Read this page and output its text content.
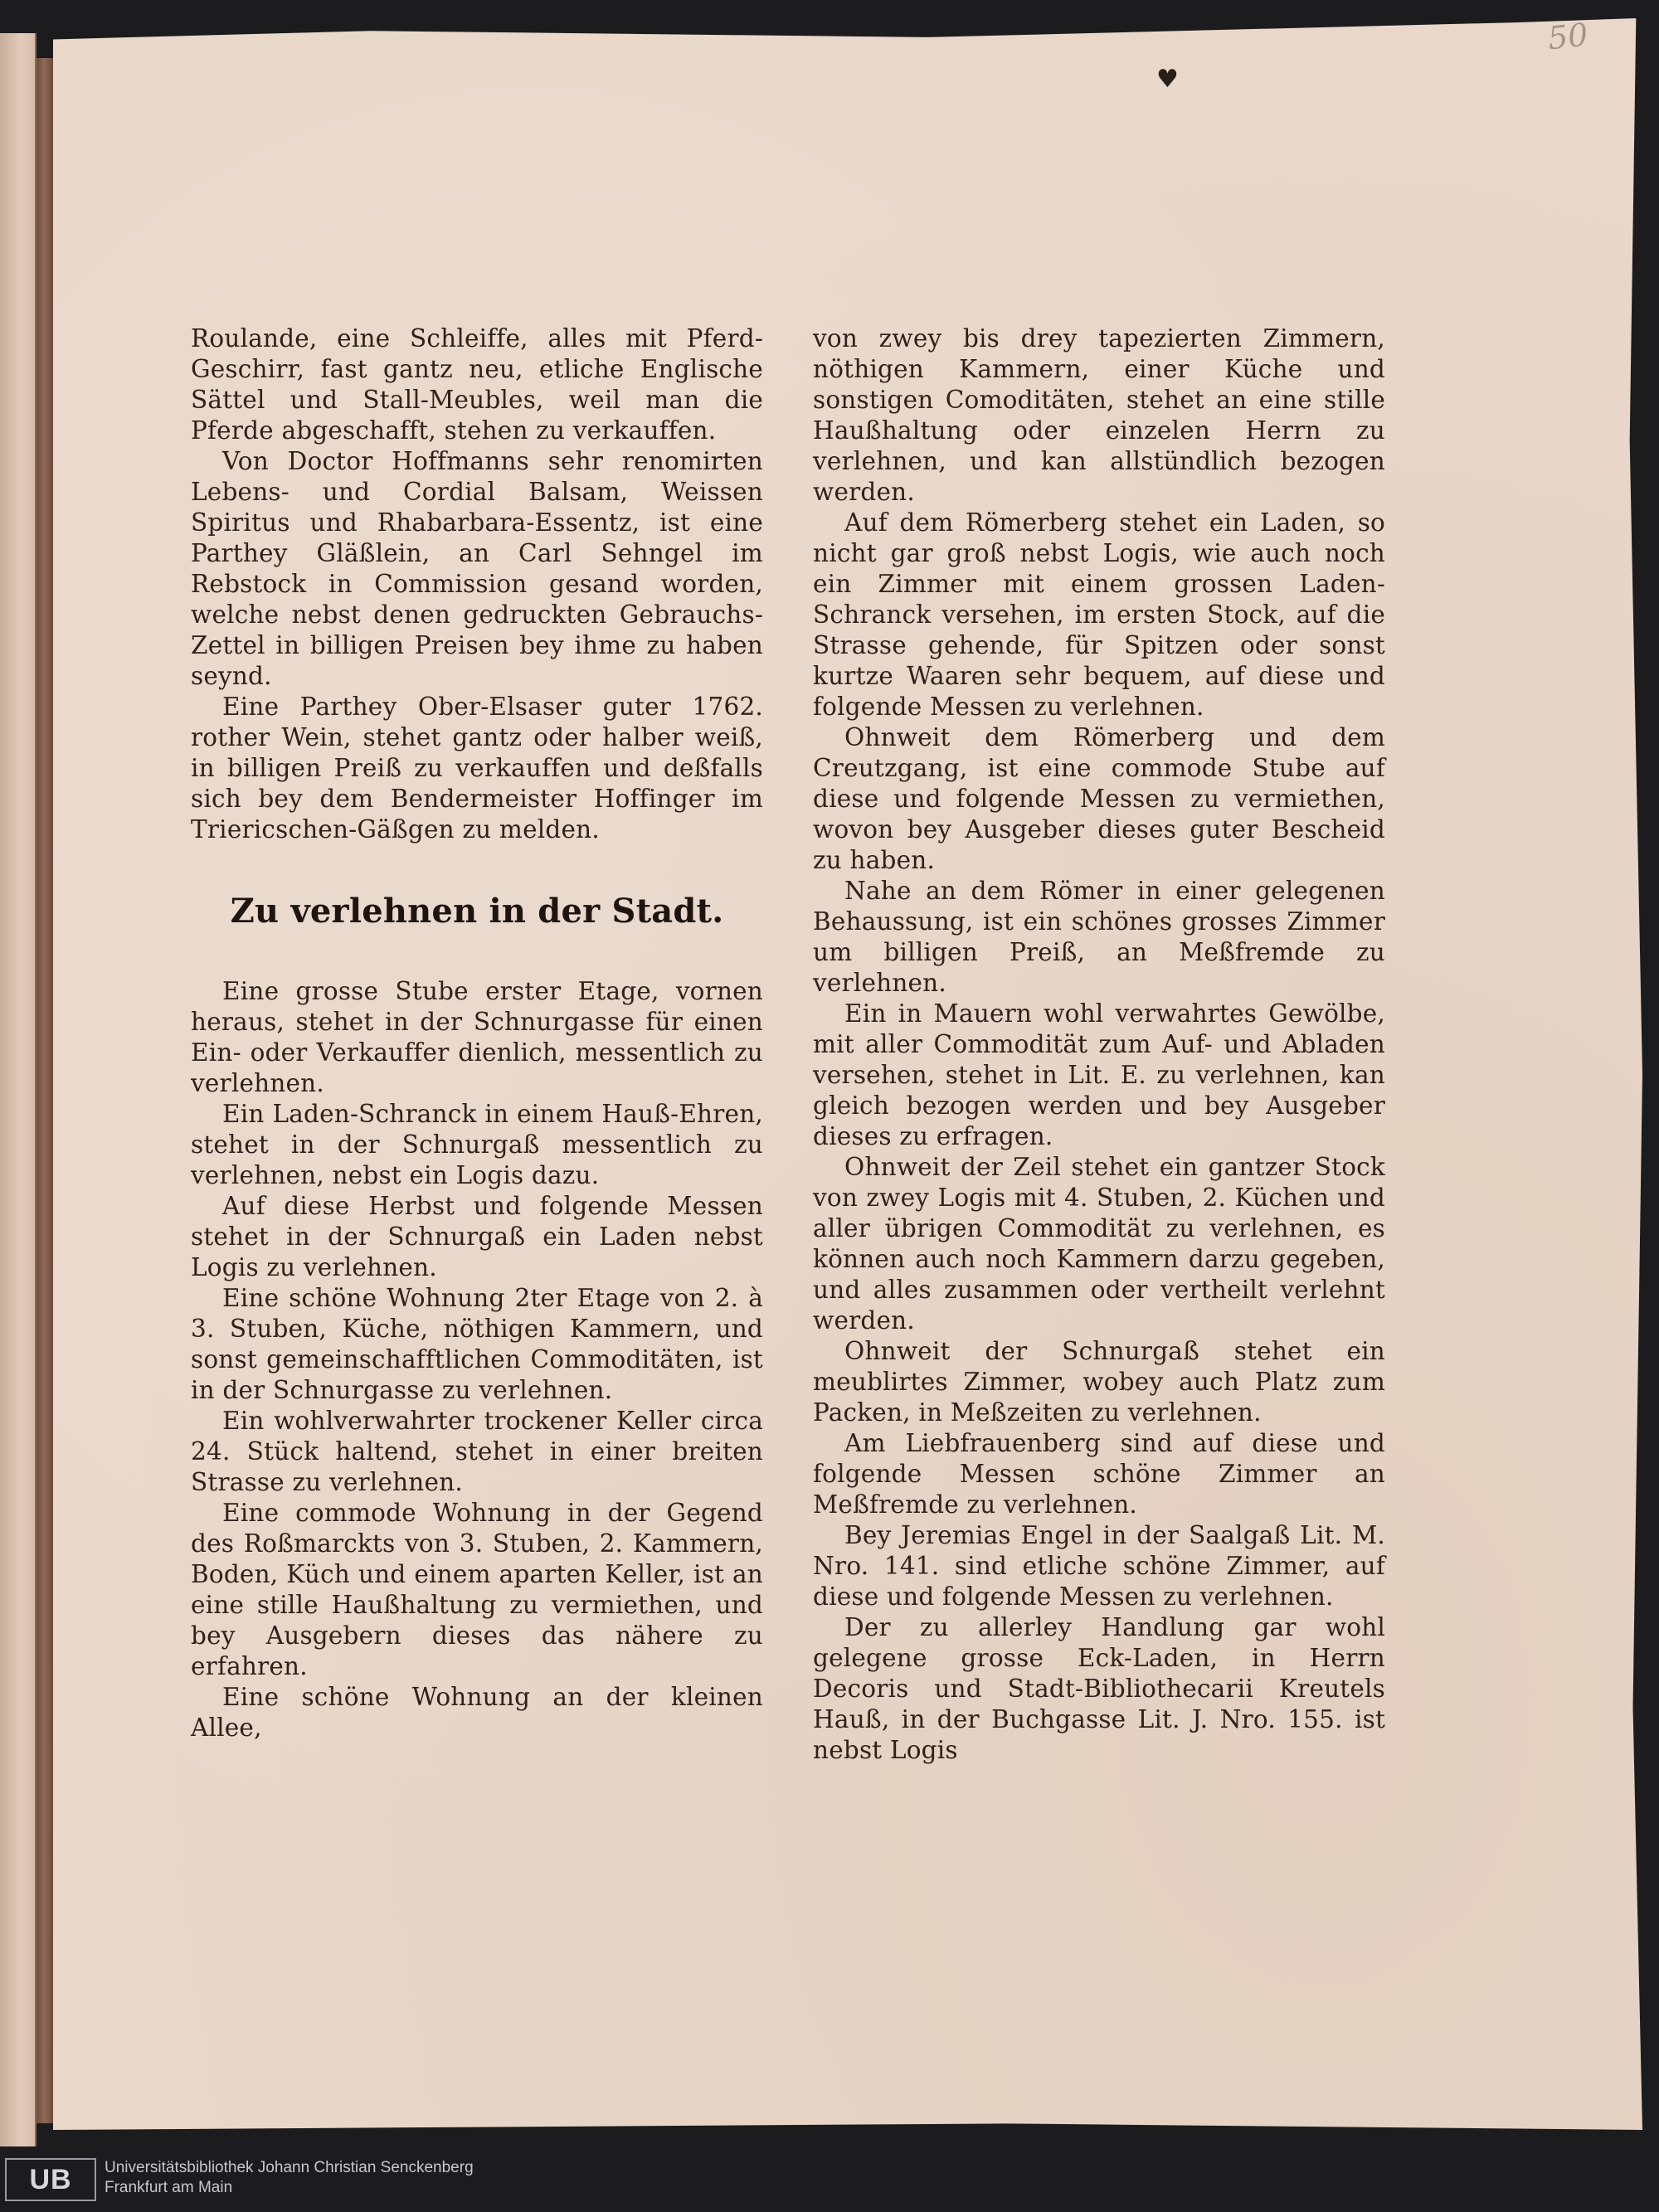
50
♥

Roulande, eine Schleiffe, alles mit Pferd-Geschirr, fast gantz neu, etliche Englische Sättel und Stall-Meubles, weil man die Pferde abgeschafft, stehen zu verkauffen.

Von Doctor Hoffmanns sehr renomirten Lebens- und Cordial Balsam, Weissen Spiritus und Rhabarbara-Essentz, ist eine Parthey Gläßlein, an Carl Sehngel im Rebstock in Commission gesand worden, welche nebst denen gedruckten Gebrauchs-Zettel in billigen Preisen bey ihme zu haben seynd.

Eine Parthey Ober-Elsaser guter 1762. rother Wein, stehet gantz oder halber weiß, in billigen Preiß zu verkauffen und deßfalls sich bey dem Bendermeister Hoffinger im Triericschen-Gäßgen zu melden.

Zu verlehnen in der Stadt.

Eine grosse Stube erster Etage, vornen heraus, stehet in der Schnurgasse für einen Ein- oder Verkauffer dienlich, messentlich zu verlehnen.

Ein Laden-Schranck in einem Hauß-Ehren, stehet in der Schnurgaß messentlich zu verlehnen, nebst ein Logis dazu.

Auf diese Herbst und folgende Messen stehet in der Schnurgaß ein Laden nebst Logis zu verlehnen.

Eine schöne Wohnung 2ter Etage von 2. à 3. Stuben, Küche, nöthigen Kammern, und sonst gemeinschafftlichen Commoditäten, ist in der Schnurgasse zu verlehnen.

Ein wohlverwahrter trockener Keller circa 24. Stück haltend, stehet in einer breiten Strasse zu verlehnen.

Eine commode Wohnung in der Gegend des Roßmarckts von 3. Stuben, 2. Kammern, Boden, Küch und einem aparten Keller, ist an eine stille Haußhaltung zu vermiethen, und bey Ausgebern dieses das nähere zu erfahren.

Eine schöne Wohnung an der kleinen Allee,

von zwey bis drey tapezierten Zimmern, nöthigen Kammern, einer Küche und sonstigen Comoditäten, stehet an eine stille Haußhaltung oder einzelen Herrn zu verlehnen, und kan allstündlich bezogen werden.

Auf dem Römerberg stehet ein Laden, so nicht gar groß nebst Logis, wie auch noch ein Zimmer mit einem grossen Laden-Schranck versehen, im ersten Stock, auf die Strasse gehende, für Spitzen oder sonst kurtze Waaren sehr bequem, auf diese und folgende Messen zu verlehnen.

Ohnweit dem Römerberg und dem Creutzgang, ist eine commode Stube auf diese und folgende Messen zu vermiethen, wovon bey Ausgeber dieses guter Bescheid zu haben.

Nahe an dem Römer in einer gelegenen Behaussung, ist ein schönes grosses Zimmer um billigen Preiß, an Meßfremde zu verlehnen.

Ein in Mauern wohl verwahrtes Gewölbe, mit aller Commodität zum Auf- und Abladen versehen, stehet in Lit. E. zu verlehnen, kan gleich bezogen werden und bey Ausgeber dieses zu erfragen.

Ohnweit der Zeil stehet ein gantzer Stock von zwey Logis mit 4. Stuben, 2. Küchen und aller übrigen Commodität zu verlehnen, es können auch noch Kammern darzu gegeben, und alles zusammen oder vertheilt verlehnt werden.

Ohnweit der Schnurgaß stehet ein meublirtes Zimmer, wobey auch Platz zum Packen, in Meßzeiten zu verlehnen.

Am Liebfrauenberg sind auf diese und folgende Messen schöne Zimmer an Meßfremde zu verlehnen.

Bey Jeremias Engel in der Saalgaß Lit. M. Nro. 141. sind etliche schöne Zimmer, auf diese und folgende Messen zu verlehnen.

Der zu allerley Handlung gar wohl gelegene grosse Eck-Laden, in Herrn Decoris und Stadt-Bibliothecarii Kreutels Hauß, in der Buchgasse Lit. J. Nro. 155. ist nebst Logis

UB	Universitätsbibliothek Johann Christian Senckenberg
Frankfurt am Main
